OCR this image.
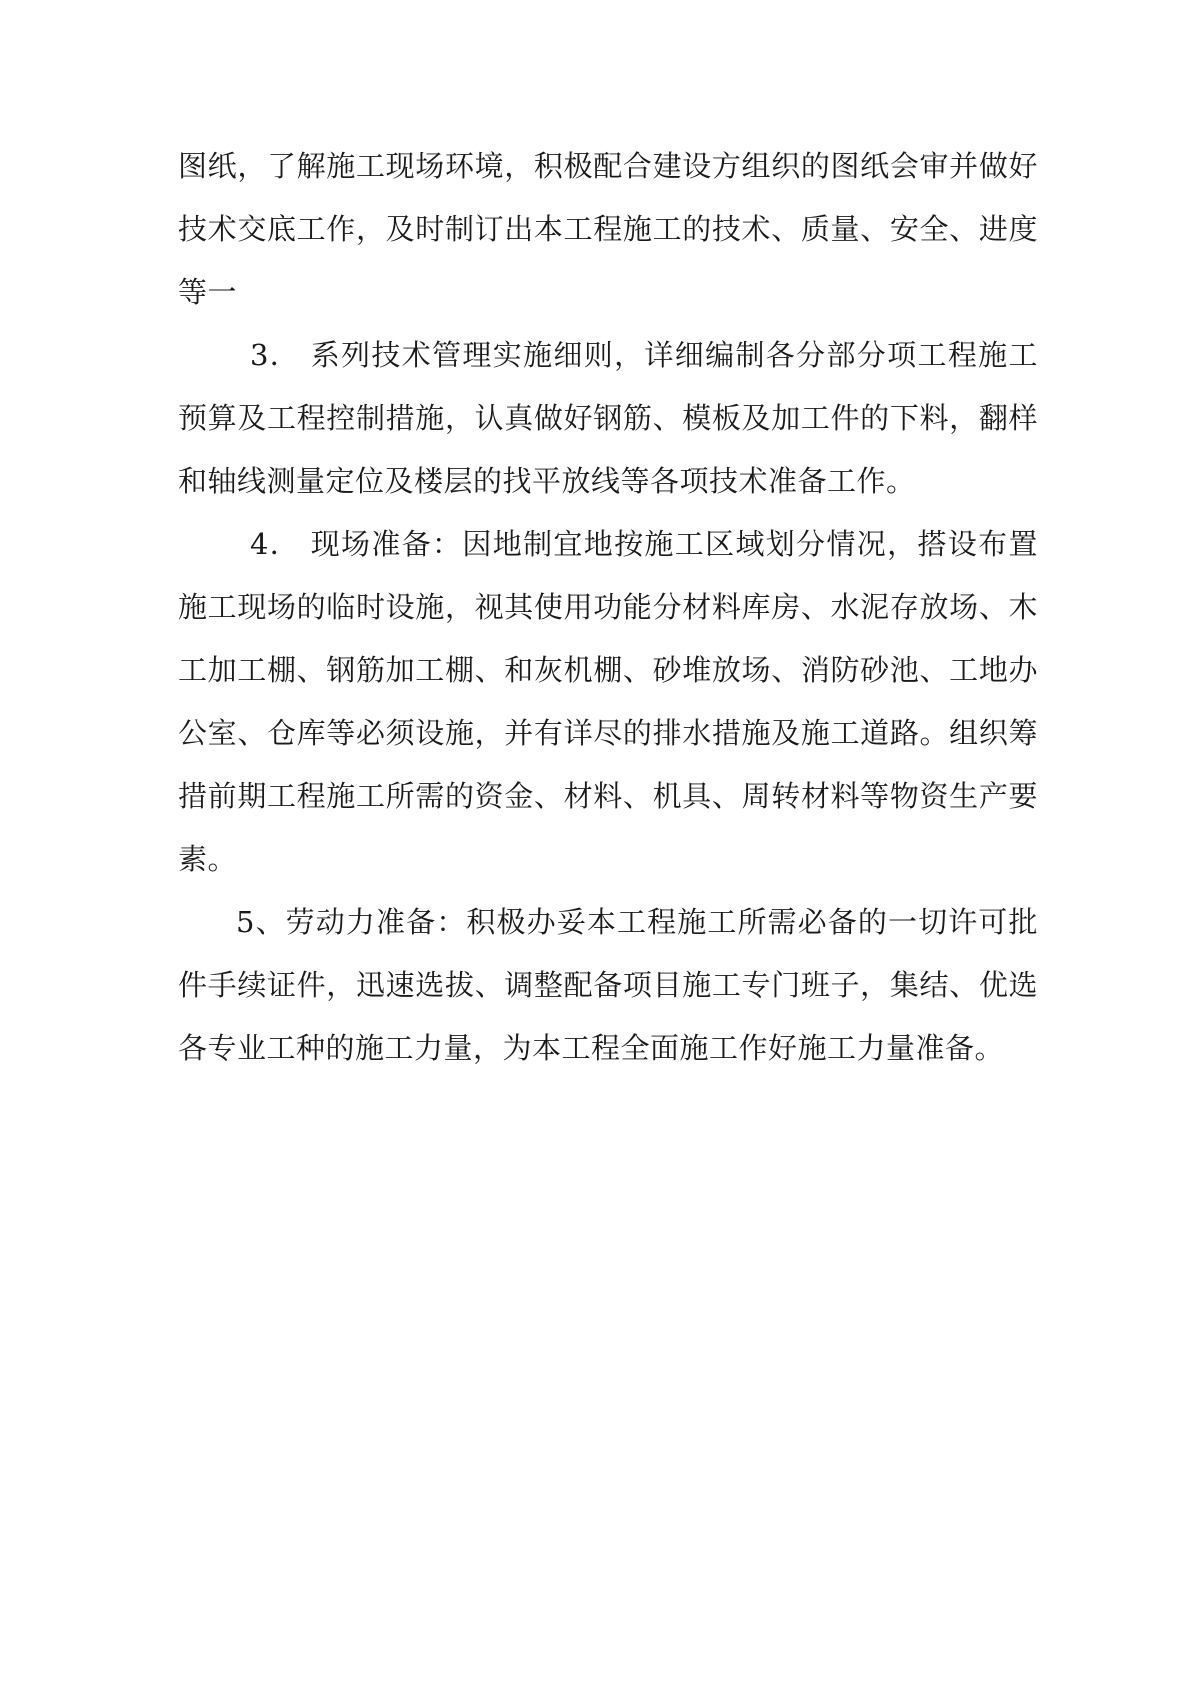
图纸，了解施工现场环境，积极配合建设方组织的图纸会审并做好技术交底工作，及时制订出本工程施工的技术、质量、安全、进度等一

3． 系列技术管理实施细则，详细编制各分部分项工程施工预算及工程控制措施，认真做好钢筋、模板及加工件的下料，翻样和轴线测量定位及楼层的找平放线等各项技术准备工作。

4． 现场准备：因地制宜地按施工区域划分情况，搭设布置施工现场的临时设施，视其使用功能分材料库房、水泥存放场、木工加工棚、钢筋加工棚、和灰机棚、砂堆放场、消防砂池、工地办公室、仓库等必须设施，并有详尽的排水措施及施工道路。组织筹措前期工程施工所需的资金、材料、机具、周转材料等物资生产要素。

5、劳动力准备：积极办妥本工程施工所需必备的一切许可批件手续证件，迅速选拔、调整配备项目施工专门班子，集结、优选各专业工种的施工力量，为本工程全面施工作好施工力量准备。
